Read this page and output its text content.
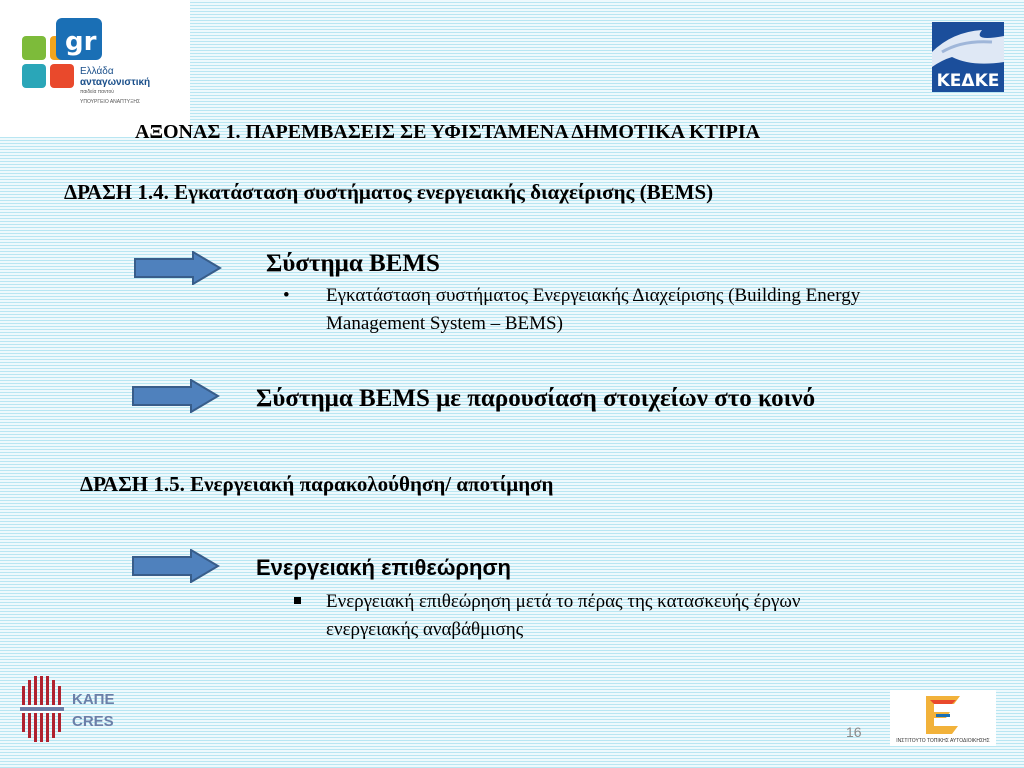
gr
Ελλάδα
ανταγωνιστική
παιδεία παντού
ΥΠΟΥΡΓΕΙΟ ΑΝΑΠΤΥΞΗΣ
ΚΕΔΚΕ
ΑΞΟΝΑΣ 1. ΠΑΡΕΜΒΑΣΕΙΣ ΣΕ ΥΦΙΣΤΑΜΕΝΑ ΔΗΜΟΤΙΚΑ ΚΤΙΡΙΑ
ΔΡΑΣΗ 1.4. Εγκατάσταση συστήματος ενεργειακής διαχείρισης (BEMS)
Σύστημα BEMS
• Εγκατάσταση συστήματος Ενεργειακής Διαχείρισης (Building Energy
Management System – BEMS)
Σύστημα BEMS με παρουσίαση στοιχείων στο κοινό
ΔΡΑΣΗ 1.5. Ενεργειακή παρακολούθηση/ αποτίμηση
Ενεργειακή επιθεώρηση
Ενεργειακή επιθεώρηση μετά το πέρας της κατασκευής έργων
ενεργειακής αναβάθμισης
ΚΑΠΕ
CRES
16
ΙΝΣΤΙΤΟΥΤΟ ΤΟΠΙΚΗΣ ΑΥΤΟΔΙΟΙΚΗΣΗΣ
